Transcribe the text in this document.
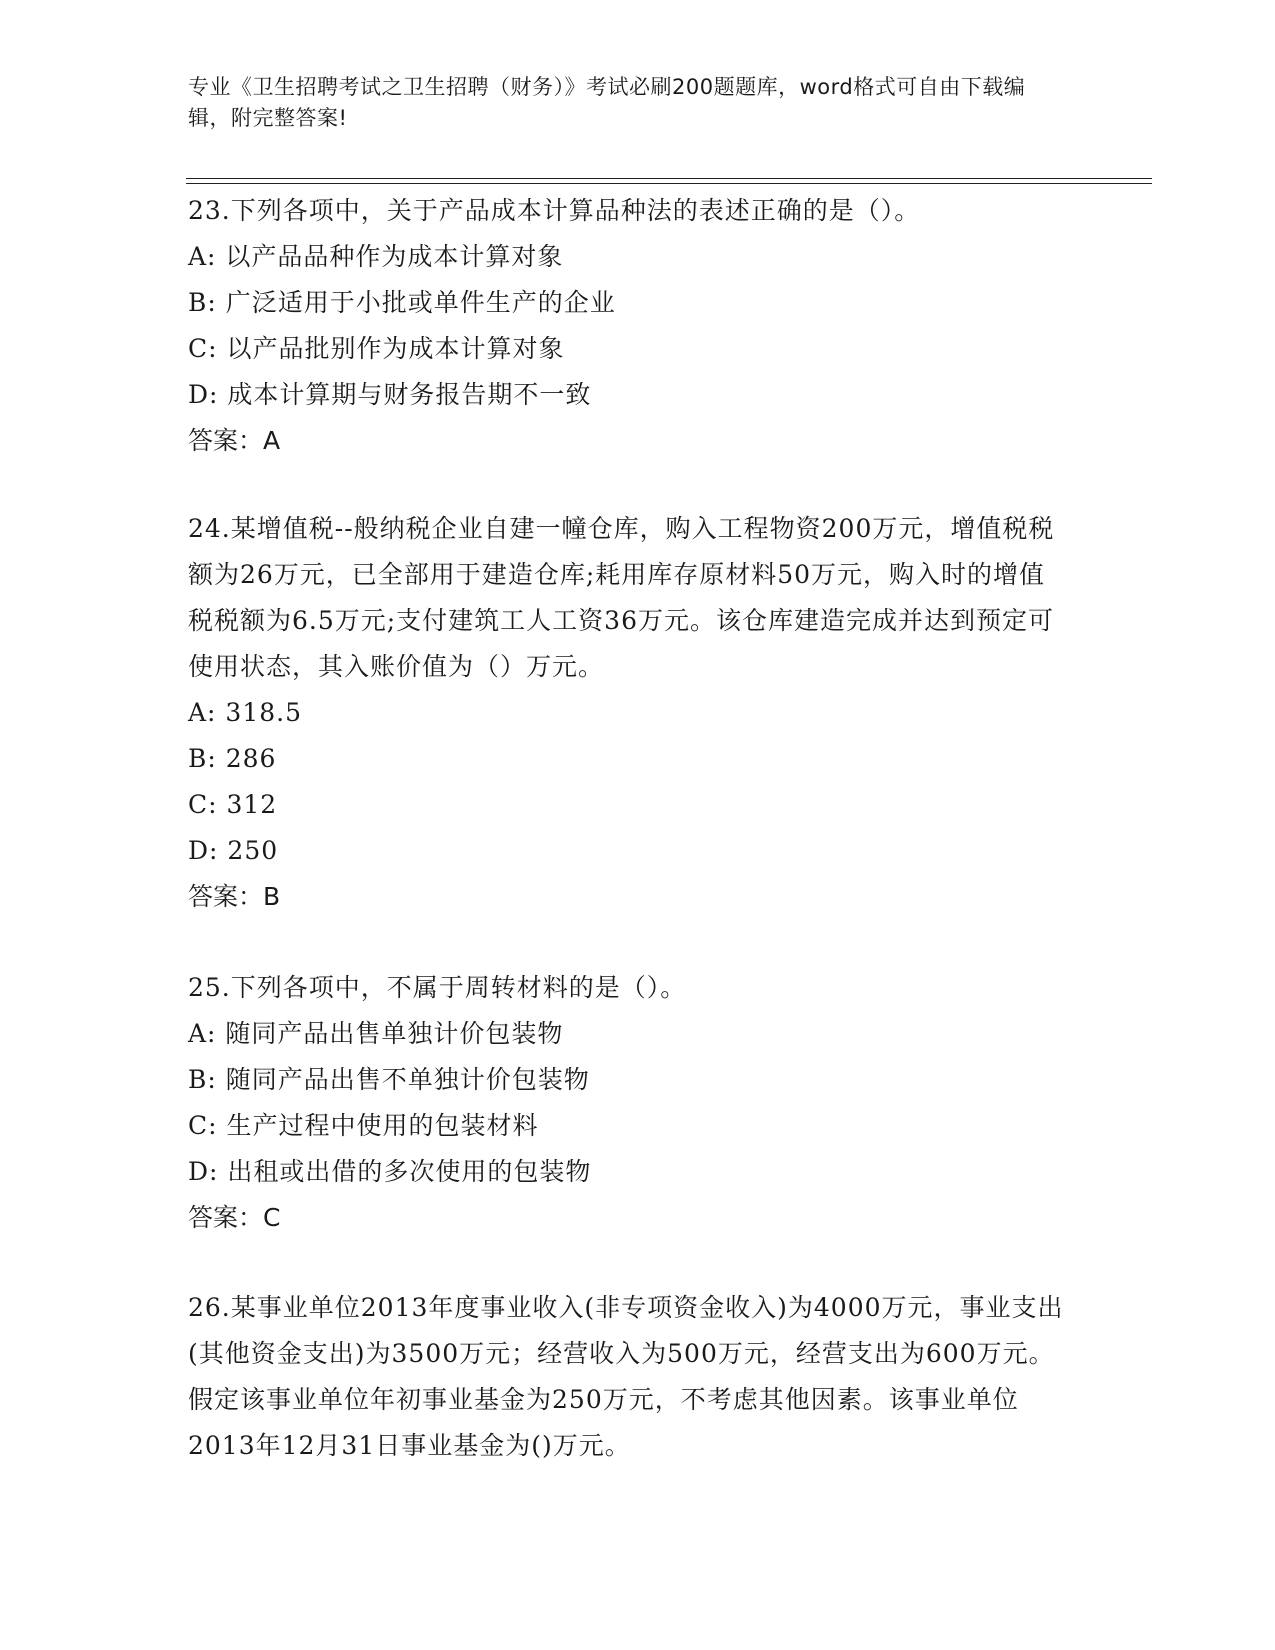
专业《卫生招聘考试之卫生招聘（财务）》考试必刷200题题库，word格式可自由下载编辑，附完整答案!
23.下列各项中，关于产品成本计算品种法的表述正确的是（）。
A: 以产品品种作为成本计算对象
B: 广泛适用于小批或单件生产的企业
C: 以产品批别作为成本计算对象
D: 成本计算期与财务报告期不一致
答案：A
24.某增值税--般纳税企业自建一幢仓库，购入工程物资200万元，增值税税额为26万元，已全部用于建造仓库;耗用库存原材料50万元，购入时的增值税税额为6.5万元;支付建筑工人工资36万元。该仓库建造完成并达到预定可使用状态，其入账价值为（）万元。
A: 318.5
B: 286
C: 312
D: 250
答案：B
25.下列各项中，不属于周转材料的是（）。
A: 随同产品出售单独计价包装物
B: 随同产品出售不单独计价包装物
C: 生产过程中使用的包装材料
D: 出租或出借的多次使用的包装物
答案：C
26.某事业单位2013年度事业收入(非专项资金收入)为4000万元，事业支出(其他资金支出)为3500万元；经营收入为500万元，经营支出为600万元。假定该事业单位年初事业基金为250万元，不考虑其他因素。该事业单位2013年12月31日事业基金为()万元。
